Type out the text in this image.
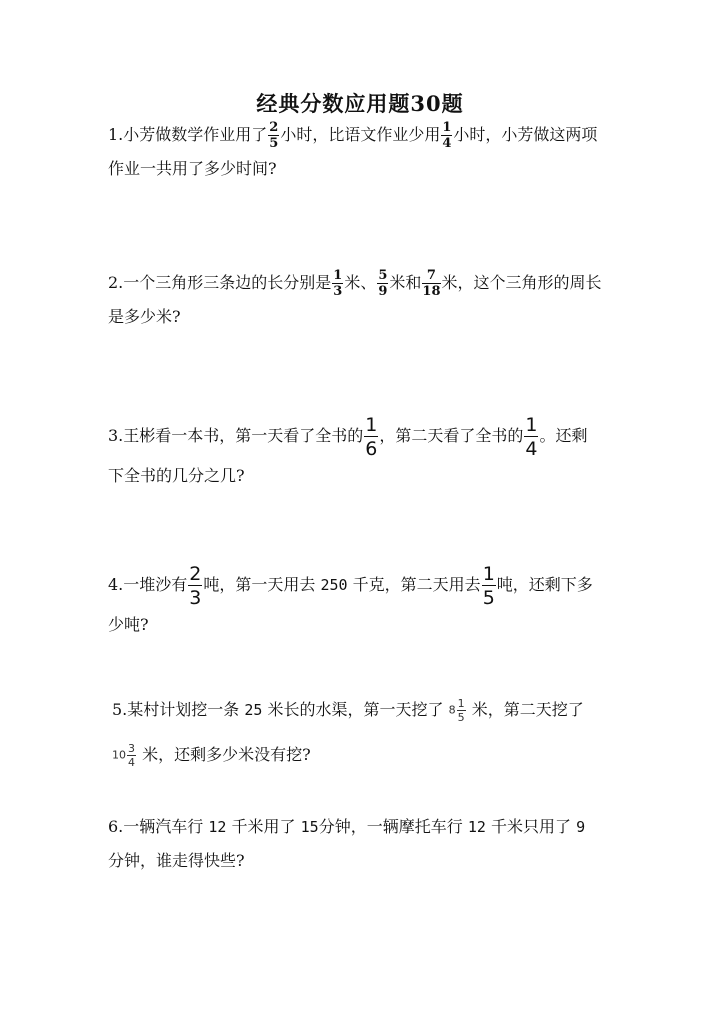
经典分数应用题30题
1.小芳做数学作业用了 $\frac{2}{5}$ 小时，比语文作业少用 $\frac{1}{4}$ 小时，小芳做这两项
作业一共用了多少时间?
2.一个三角形三条边的长分别是 $\frac{1}{3}$ 米、 $\frac{5}{9}$ 米和 $\frac{7}{18}$ 米，这个三角形的周长
是多少米?
3.王彬看一本书，第一天看了全书的 $\frac{1}{6}$ ，第二天看了全书的 $\frac{1}{4}$ 。还剩
下全书的几分之几?
4.一堆沙有 $\frac{2}{3}$ 吨，第一天用去 250 千克，第二天用去 $\frac{1}{5}$ 吨，还剩下多
少吨?
5.某村计划挖一条 25 米长的水渠，第一天挖了 $8 \frac{1}{5}$ 米，第二天挖了
$10 \frac{3}{4}$ 米，还剩多少米没有挖?
6.一辆汽车行 12 千米用了 15分钟，一辆摩托车行 12 千米只用了 9
分钟，谁走得快些?
